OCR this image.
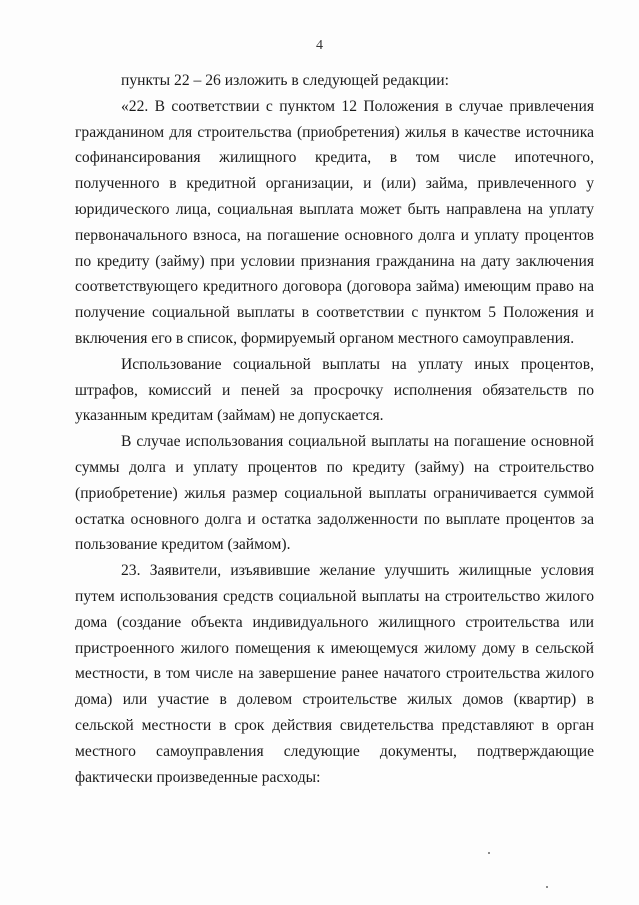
4

пункты 22 – 26 изложить в следующей редакции:

«22. В соответствии с пунктом 12 Положения в случае привлечения гражданином для строительства (приобретения) жилья в качестве источника софинансирования жилищного кредита, в том числе ипотечного, полученного в кредитной организации, и (или) займа, привлеченного у юридического лица, социальная выплата может быть направлена на уплату первоначального взноса, на погашение основного долга и уплату процентов по кредиту (займу) при условии признания гражданина на дату заключения соответствующего кредитного договора (договора займа) имеющим право на получение социальной выплаты в соответствии с пунктом 5 Положения и включения его в список, формируемый органом местного самоуправления.

Использование социальной выплаты на уплату иных процентов, штрафов, комиссий и пеней за просрочку исполнения обязательств по указанным кредитам (займам) не допускается.

В случае использования социальной выплаты на погашение основной суммы долга и уплату процентов по кредиту (займу) на строительство (приобретение) жилья размер социальной выплаты ограничивается суммой остатка основного долга и остатка задолженности по выплате процентов за пользование кредитом (займом).

23. Заявители, изъявившие желание улучшить жилищные условия путем использования средств социальной выплаты на строительство жилого дома (создание объекта индивидуального жилищного строительства или пристроенного жилого помещения к имеющемуся жилому дому в сельской местности, в том числе на завершение ранее начатого строительства жилого дома) или участие в долевом строительстве жилых домов (квартир) в сельской местности в срок действия свидетельства представляют в орган местного самоуправления следующие документы, подтверждающие фактически произведенные расходы:
